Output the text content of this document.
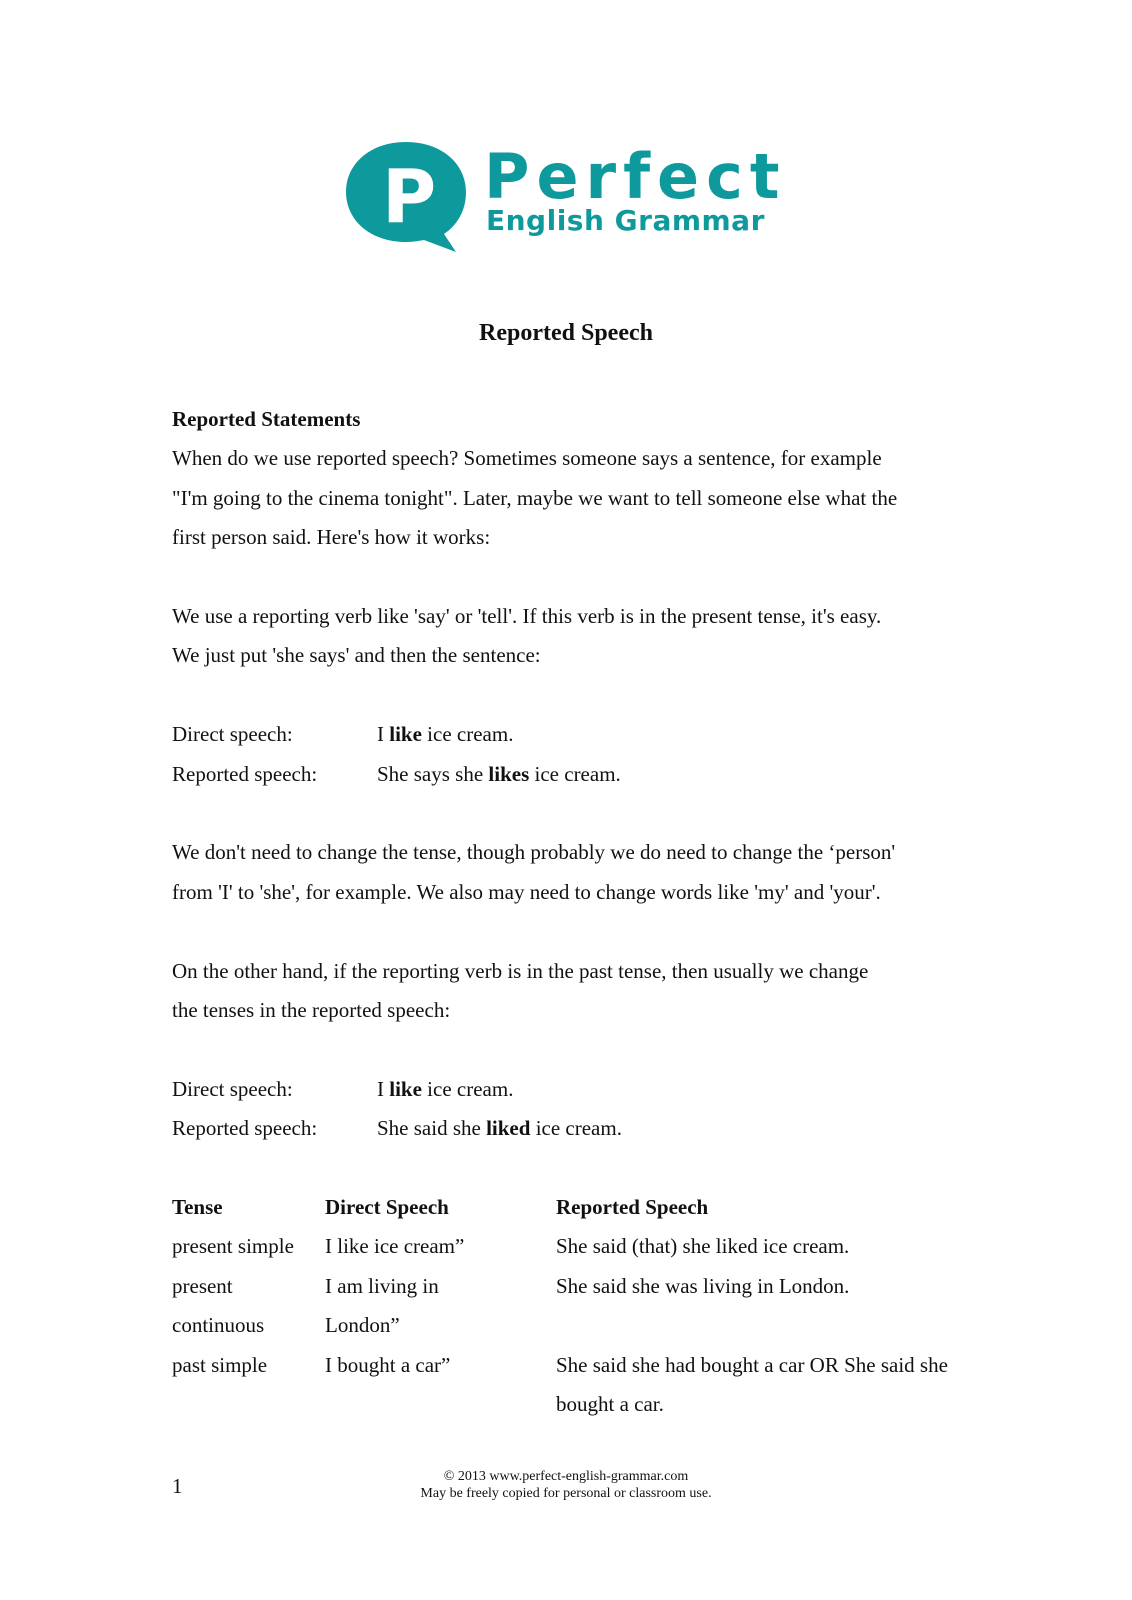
P Perfect
English Grammar
Reported Speech

Reported Statements

When do we use reported speech? Sometimes someone says a sentence, for example

"I'm going to the cinema tonight". Later, maybe we want to tell someone else what the

first person said. Here's how it works:

We use a reporting verb like 'say' or 'tell'. If this verb is in the present tense, it's easy.

We just put 'she says' and then the sentence:

Direct speech:	I like ice cream.
Reported speech:	She says she likes ice cream.

We don't need to change the tense, though probably we do need to change the ‘person'

from 'I' to 'she', for example. We also may need to change words like 'my' and 'your'.

On the other hand, if the reporting verb is in the past tense, then usually we change

the tenses in the reported speech:

Direct speech:	I like ice cream.
Reported speech:	She said she liked ice cream.
Tense	Direct Speech	Reported Speech
present simple	I like ice cream”	She said (that) she liked ice cream.
present continuous	I am living in London”	She said she was living in London.
past simple	I bought a car”	She said she had bought a car OR She said she bought a car.
1	© 2013 www.perfect-english-grammar.com
May be freely copied for personal or classroom use.
